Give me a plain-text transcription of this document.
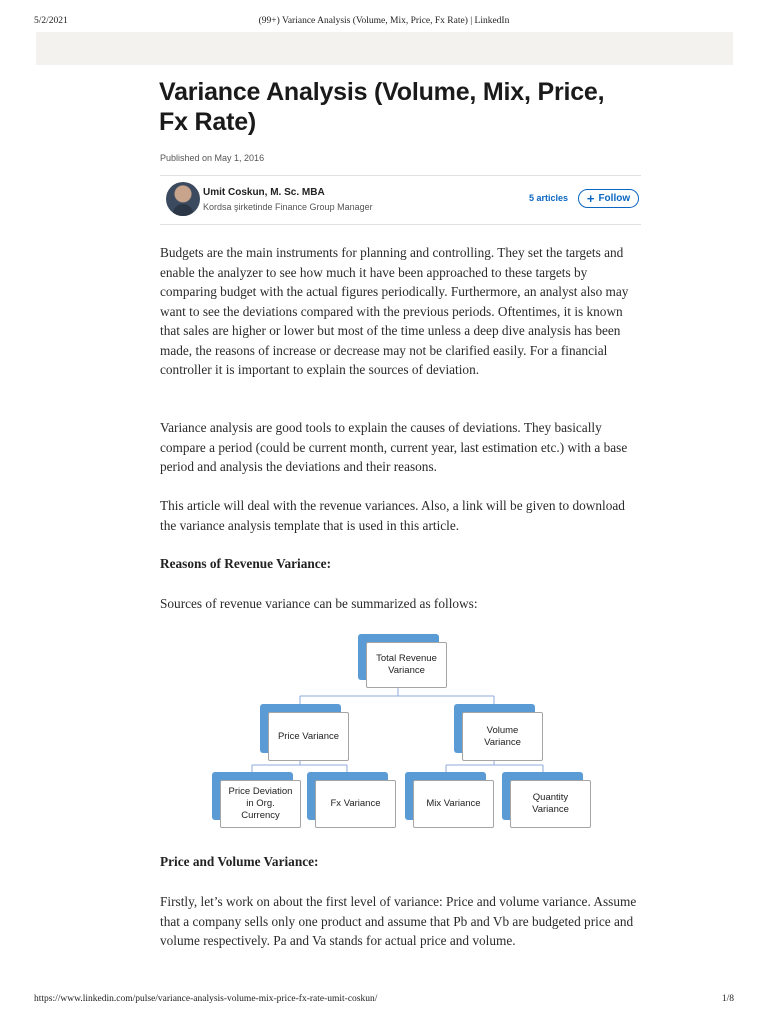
5/2/2021	(99+) Variance Analysis (Volume, Mix, Price, Fx Rate) | LinkedIn
Variance Analysis (Volume, Mix, Price, Fx Rate)
Published on May 1, 2016
Umit Coskun, M. Sc. MBA
Kordsa şirketinde Finance Group Manager
5 articles + Follow

Budgets are the main instruments for planning and controlling. They set the targets and enable the analyzer to see how much it have been approached to these targets by comparing budget with the actual figures periodically. Furthermore, an analyst also may want to see the deviations compared with the previous periods. Oftentimes, it is known that sales are higher or lower but most of the time unless a deep dive analysis has been made, the reasons of increase or decrease may not be clarified easily. For a financial controller it is important to explain the sources of deviation.

Variance analysis are good tools to explain the causes of deviations. They basically compare a period (could be current month, current year, last estimation etc.) with a base period and analysis the deviations and their reasons.

This article will deal with the revenue variances. Also, a link will be given to download the variance analysis template that is used in this article.

Reasons of Revenue Variance:

Sources of revenue variance can be summarized as follows:

Total Revenue Variance
Price Variance
Volume Variance
Price Deviation in Org. Currency
Fx Variance	Mix Variance
Quantity Variance
Price and Volume Variance:

Firstly, let’s work on about the first level of variance: Price and volume variance. Assume that a company sells only one product and assume that Pb and Vb are budgeted price and volume respectively. Pa and Va stands for actual price and volume.

https://www.linkedin.com/pulse/variance-analysis-volume-mix-price-fx-rate-umit-coskun/	1/8
